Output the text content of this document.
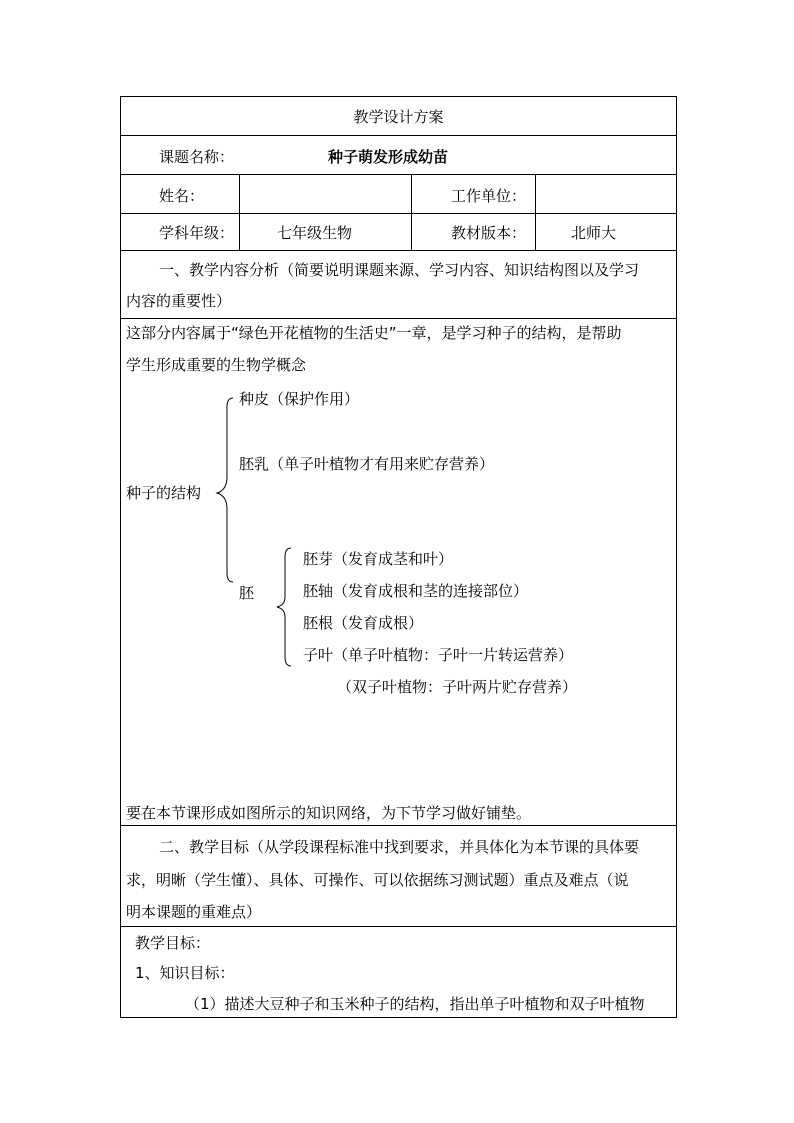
教学设计方案
课题名称：	种子萌发形成幼苗
姓名：	工作单位：
学科年级：	七年级生物	教材版本：	北师大
一、教学内容分析（简要说明课题来源、学习内容、知识结构图以及学习
内容的重要性）
这部分内容属于“绿色开花植物的生活史”一章，是学习种子的结构，是帮助
学生形成重要的生物学概念
种子的结构
种皮（保护作用）
胚乳（单子叶植物才有用来贮存营养）
胚
胚芽（发育成茎和叶）
胚轴（发育成根和茎的连接部位）
胚根（发育成根）
子叶（单子叶植物：子叶一片转运营养）
（双子叶植物：子叶两片贮存营养）
要在本节课形成如图所示的知识网络，为下节学习做好铺垫。
二、教学目标（从学段课程标准中找到要求，并具体化为本节课的具体要
求，明晰（学生懂）、具体、可操作、可以依据练习测试题）重点及难点（说
明本课题的重难点）
教学目标：
1、知识目标：
（1）描述大豆种子和玉米种子的结构，指出单子叶植物和双子叶植物
